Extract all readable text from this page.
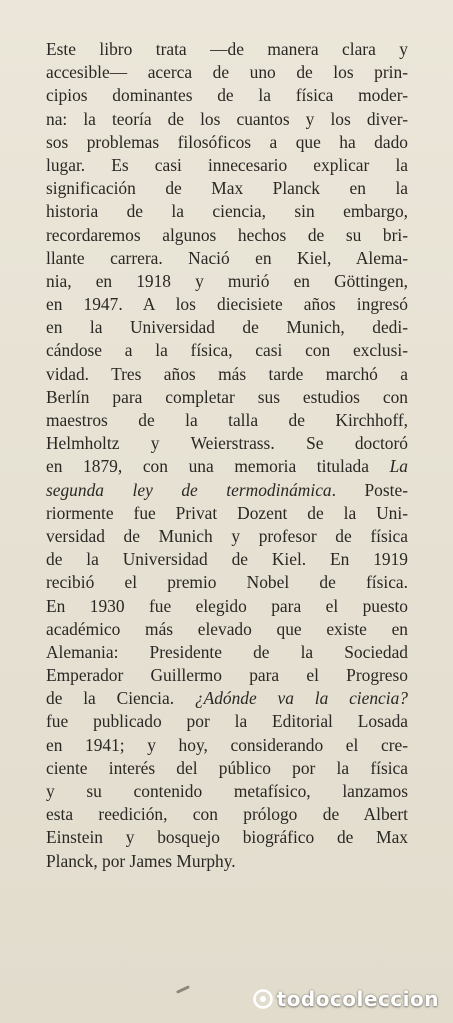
Este libro trata —de manera clara y
accesible— acerca de uno de los prin-
cipios dominantes de la física moder-
na: la teoría de los cuantos y los diver-
sos problemas filosóficos a que ha dado
lugar. Es casi innecesario explicar la
significación de Max Planck en la
historia de la ciencia, sin embargo,
recordaremos algunos hechos de su bri-
llante carrera. Nació en Kiel, Alema-
nia, en 1918 y murió en Göttingen,
en 1947. A los diecisiete años ingresó
en la Universidad de Munich, dedi-
cándose a la física, casi con exclusi-
vidad. Tres años más tarde marchó a
Berlín para completar sus estudios con
maestros de la talla de Kirchhoff,
Helmholtz y Weierstrass. Se doctoró
en 1879, con una memoria titulada La
segunda ley de termodinámica. Poste-
riormente fue Privat Dozent de la Uni-
versidad de Munich y profesor de física
de la Universidad de Kiel. En 1919
recibió el premio Nobel de física.
En 1930 fue elegido para el puesto
académico más elevado que existe en
Alemania: Presidente de la Sociedad
Emperador Guillermo para el Progreso
de la Ciencia. ¿Adónde va la ciencia?
fue publicado por la Editorial Losada
en 1941; y hoy, considerando el cre-
ciente interés del público por la física
y su contenido metafísico, lanzamos
esta reedición, con prólogo de Albert
Einstein y bosquejo biográfico de Max
Planck, por James Murphy.
todocoleccion
